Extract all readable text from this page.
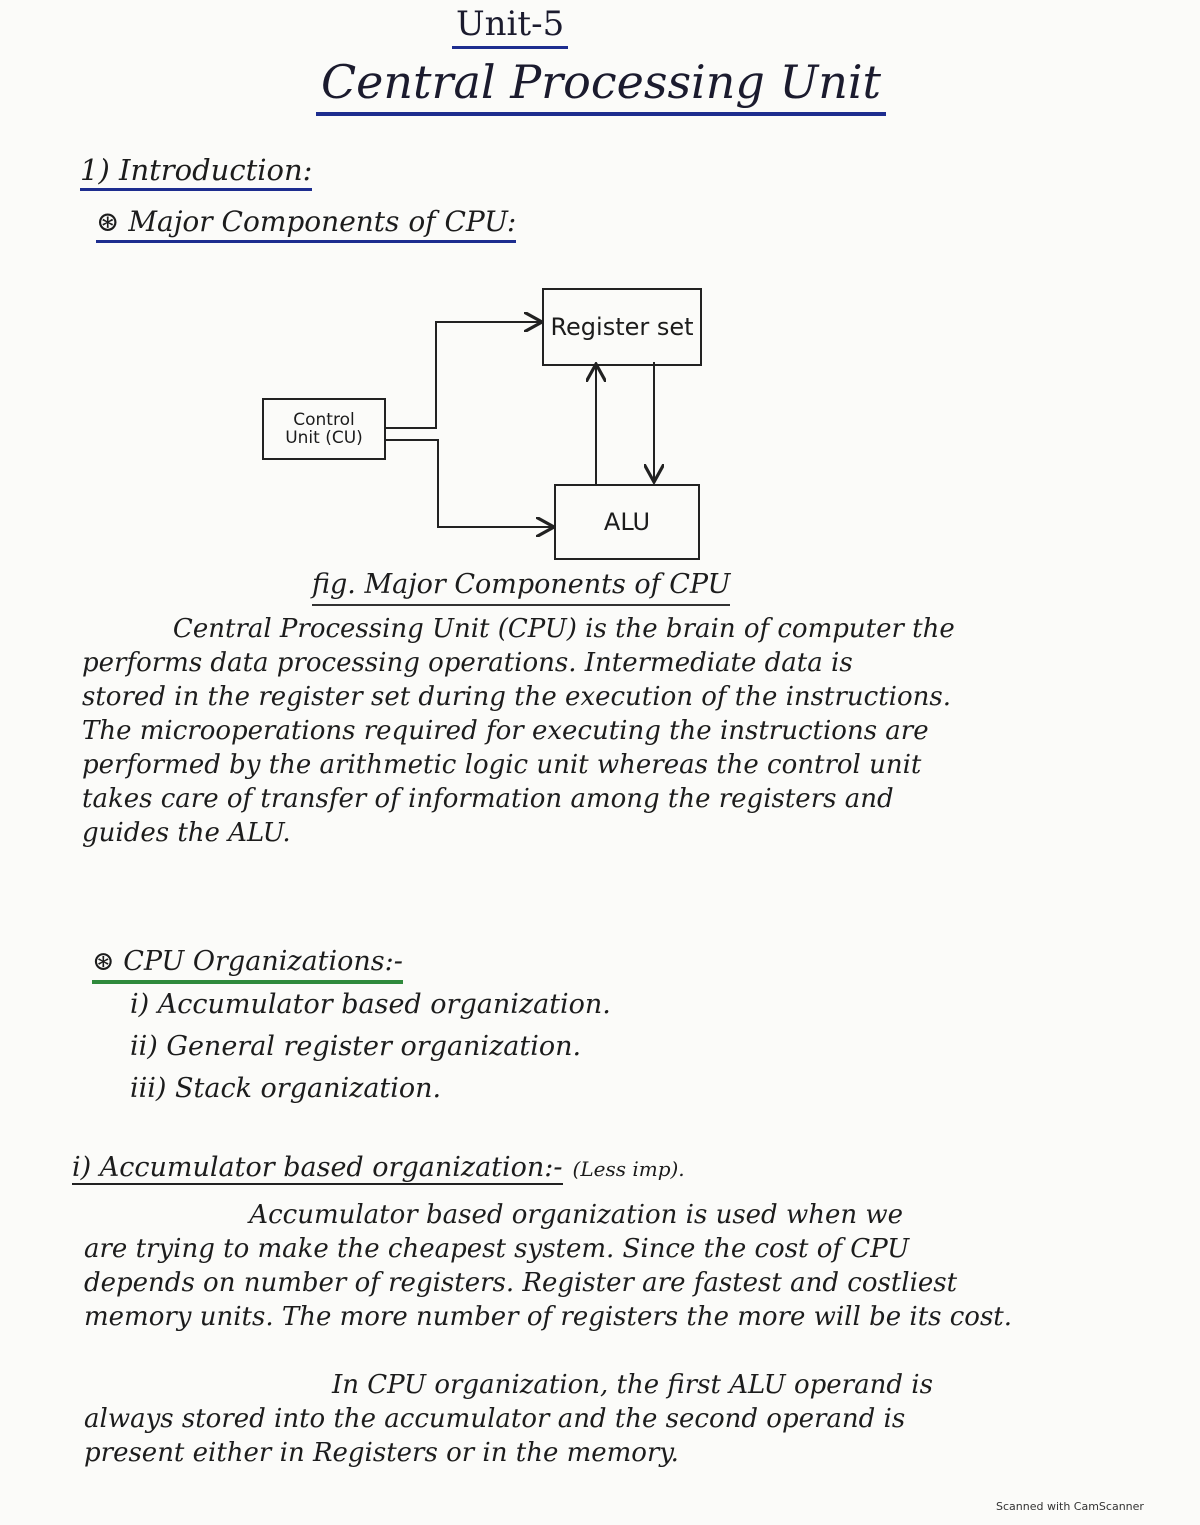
Unit-5
Central Processing Unit
1) Introduction:
⊛ Major Components of CPU:
Register set
Control
Unit (CU)
ALU
fig. Major Components of CPU
Central Processing Unit (CPU) is the brain of computer the
performs data processing operations. Intermediate data is
stored in the register set during the execution of the instructions.
The microoperations required for executing the instructions are
performed by the arithmetic logic unit whereas the control unit
takes care of transfer of information among the registers and
guides the ALU.
⊛ CPU Organizations:-
i) Accumulator based organization.
ii) General register organization.
iii) Stack organization.
i) Accumulator based organization:- (Less imp).
Accumulator based organization is used when we
are trying to make the cheapest system. Since the cost of CPU
depends on number of registers. Register are fastest and costliest
memory units. The more number of registers the more will be its cost.
In CPU organization, the first ALU operand is
always stored into the accumulator and the second operand is
present either in Registers or in the memory.
Scanned with CamScanner
